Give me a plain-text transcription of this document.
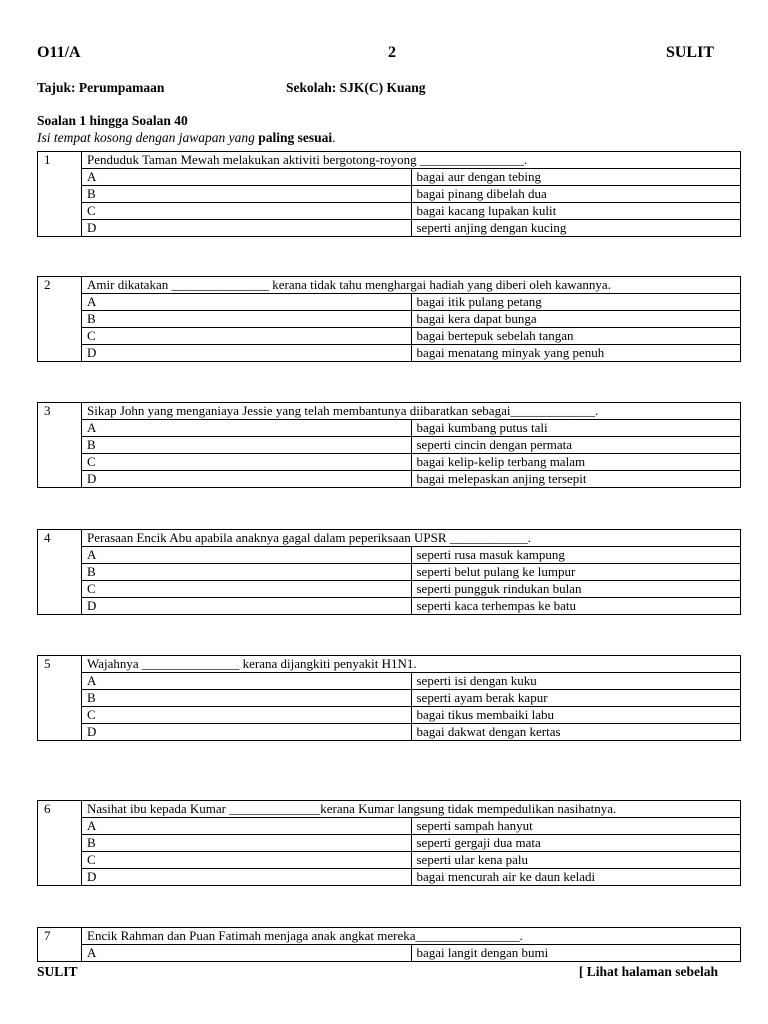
O11/A	2	SULIT
Tajuk: Perumpamaan	Sekolah: SJK(C) Kuang
Soalan 1 hingga Soalan 40
Isi tempat kosong dengan jawapan yang paling sesuai.
1	Penduduk Taman Mewah melakukan aktiviti bergotong-royong ________________.	
	A	bagai aur dengan tebing
	B	bagai pinang dibelah dua
	C	bagai kacang lupakan kulit
	D	seperti anjing dengan kucing
2	Amir dikatakan _______________ kerana tidak tahu menghargai hadiah yang diberi oleh kawannya.	
	A	bagai itik pulang petang
	B	bagai kera dapat bunga
	C	bagai bertepuk sebelah tangan
	D	bagai menatang minyak yang penuh
3	Sikap John yang menganiaya Jessie yang telah membantunya diibaratkan sebagai_____________.	
	A	bagai kumbang putus tali
	B	seperti cincin dengan permata
	C	bagai kelip-kelip terbang malam
	D	bagai melepaskan anjing tersepit
4	Perasaan Encik Abu apabila anaknya gagal dalam peperiksaan UPSR ____________.	
	A	seperti rusa masuk kampung
	B	seperti belut pulang ke lumpur
	C	seperti pungguk rindukan bulan
	D	seperti kaca terhempas ke batu
5	Wajahnya _______________ kerana dijangkiti penyakit H1N1.	
	A	seperti isi dengan kuku
	B	seperti ayam berak kapur
	C	bagai tikus membaiki labu
	D	bagai dakwat dengan kertas
6	Nasihat ibu kepada Kumar ______________kerana Kumar langsung tidak mempedulikan nasihatnya.	
	A	seperti sampah hanyut
	B	seperti gergaji dua mata
	C	seperti ular kena palu
	D	bagai mencurah air ke daun keladi
7	Encik Rahman dan Puan Fatimah menjaga anak angkat mereka________________.	
	A	bagai langit dengan bumi
SULIT	[ Lihat halaman sebelah
